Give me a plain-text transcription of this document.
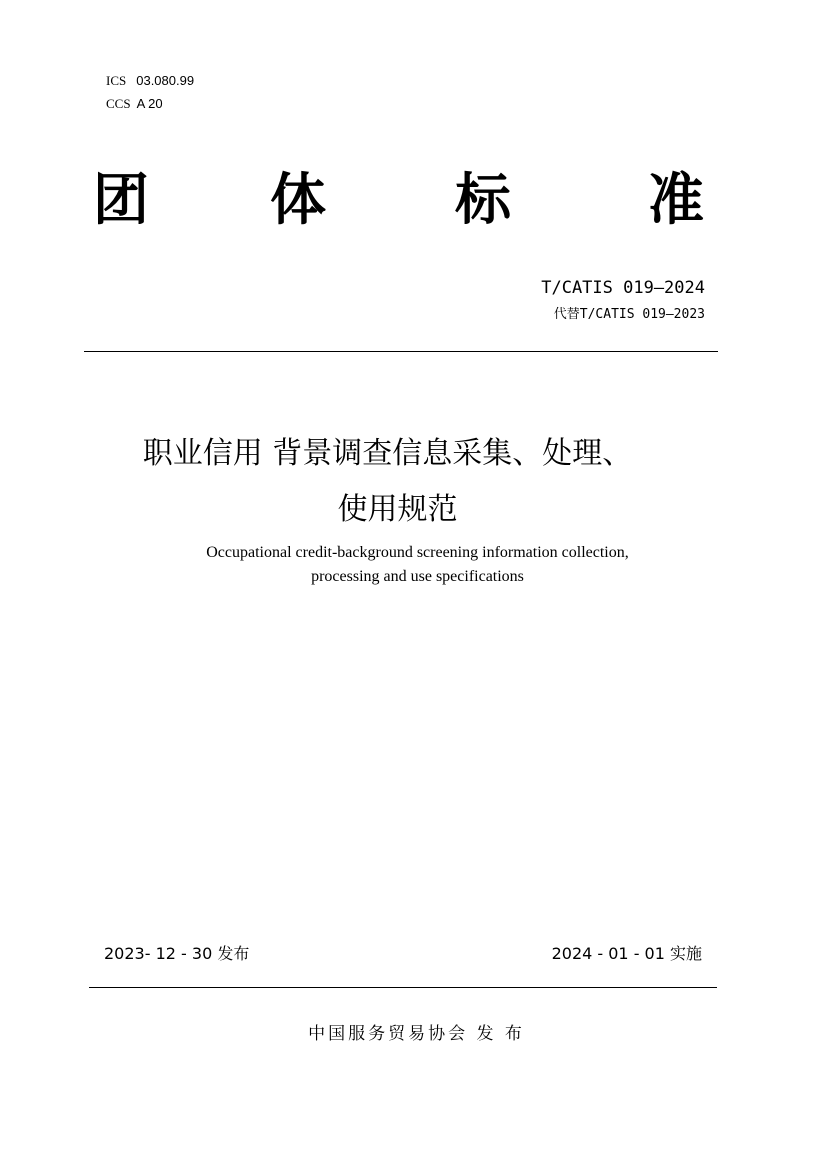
ICS 03.080.99
CCS A 20
团 体 标 准
T/CATIS 019—2024
代替T/CATIS 019—2023
职业信用 背景调查信息采集、处理、
使用规范
Occupational credit-background screening information collection,
processing and use specifications
2023- 12 - 30 发布	2024 - 01 - 01 实施
中国服务贸易协会 发 布
